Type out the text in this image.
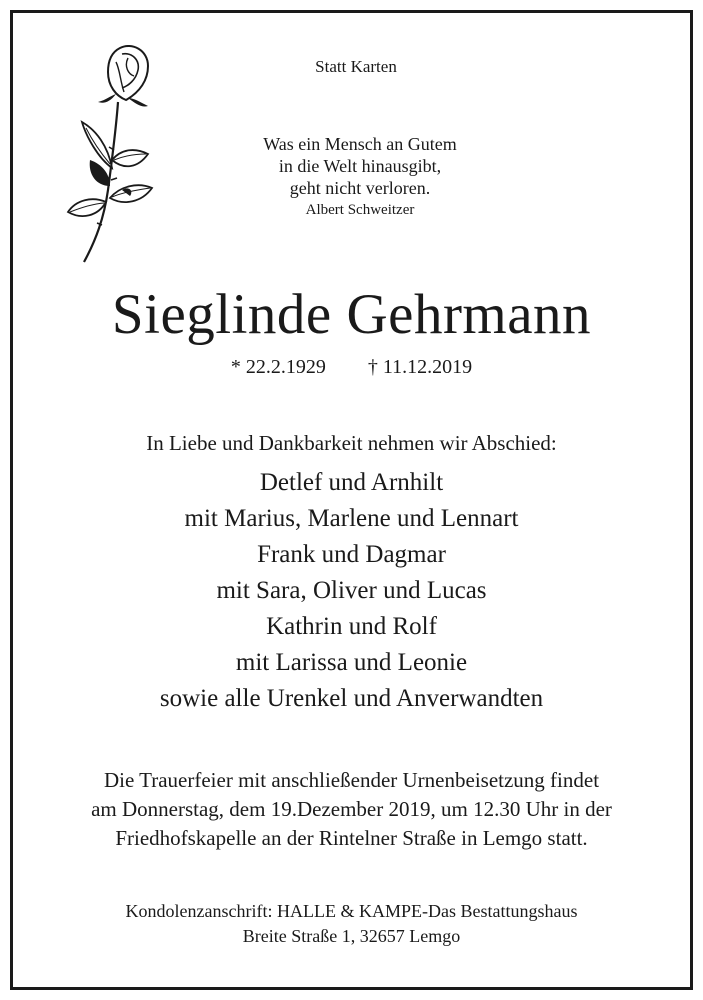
Statt Karten
Was ein Mensch an Gutem
in die Welt hinausgibt,
geht nicht verloren.
Albert Schweitzer
Sieglinde Gehrmann
* 22.2.1929 † 11.12.2019
In Liebe und Dankbarkeit nehmen wir Abschied:
Detlef und Arnhilt
mit Marius, Marlene und Lennart
Frank und Dagmar
mit Sara, Oliver und Lucas
Kathrin und Rolf
mit Larissa und Leonie
sowie alle Urenkel und Anverwandten
Die Trauerfeier mit anschließender Urnenbeisetzung findet
am Donnerstag, dem 19.Dezember 2019, um 12.30 Uhr in der
Friedhofskapelle an der Rintelner Straße in Lemgo statt.
Kondolenzanschrift: HALLE & KAMPE-Das Bestattungshaus
Breite Straße 1, 32657 Lemgo
